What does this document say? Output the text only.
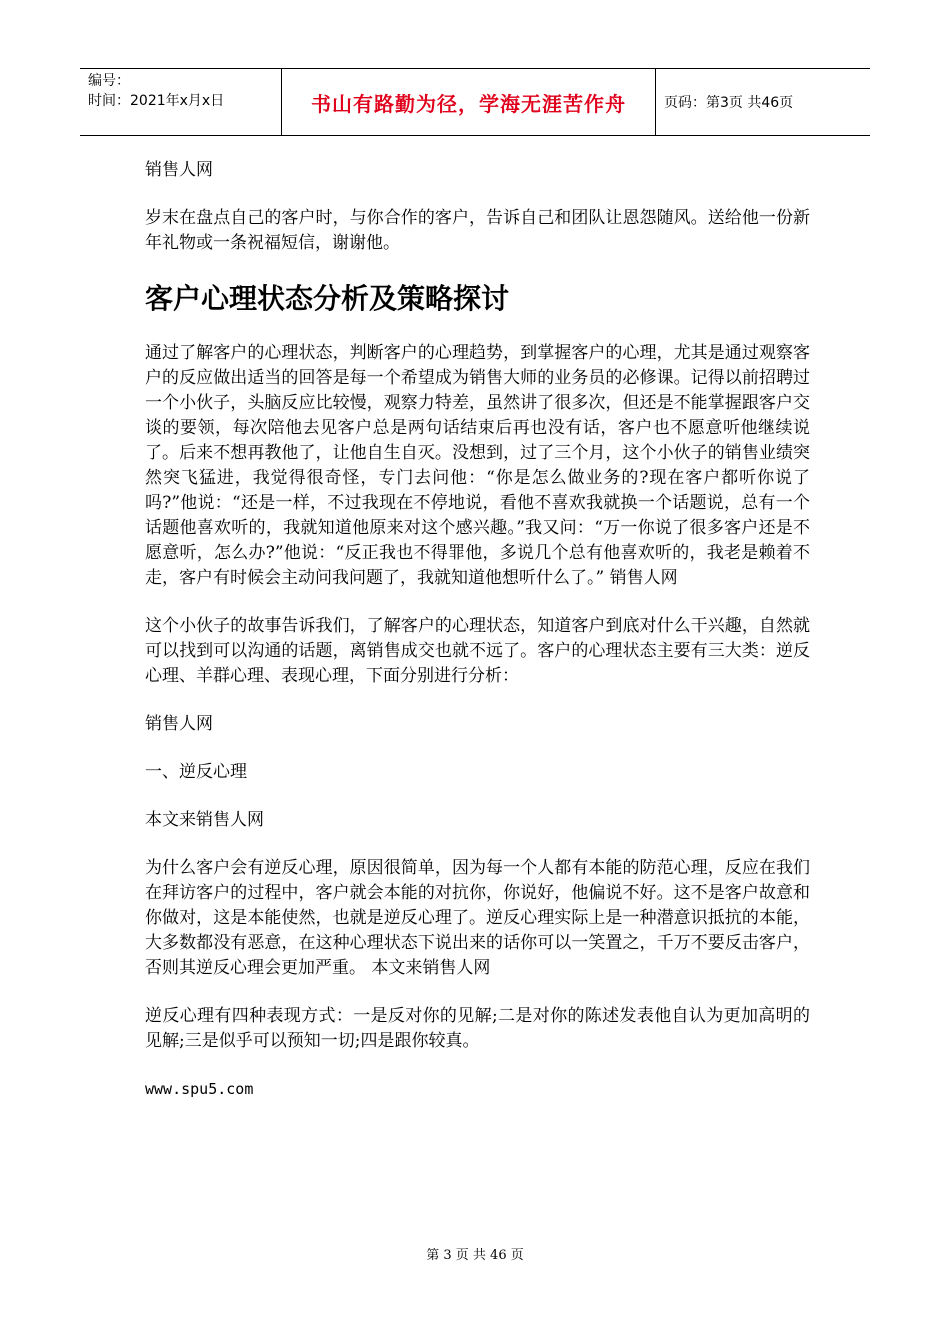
编号：
时间：2021年x月x日	书山有路勤为径，学海无涯苦作舟	页码：第3页 共46页

销售人网

岁末在盘点自己的客户时，与你合作的客户，告诉自己和团队让恩怨随风。送给他一份新年礼物或一条祝福短信，谢谢他。

客户心理状态分析及策略探讨

通过了解客户的心理状态，判断客户的心理趋势，到掌握客户的心理，尤其是通过观察客户的反应做出适当的回答是每一个希望成为销售大师的业务员的必修课。记得以前招聘过一个小伙子，头脑反应比较慢，观察力特差，虽然讲了很多次，但还是不能掌握跟客户交谈的要领，每次陪他去见客户总是两句话结束后再也没有话，客户也不愿意听他继续说了。后来不想再教他了，让他自生自灭。没想到，过了三个月，这个小伙子的销售业绩突然突飞猛进，我觉得很奇怪，专门去问他：“你是怎么做业务的?现在客户都听你说了吗?”他说：“还是一样，不过我现在不停地说，看他不喜欢我就换一个话题说，总有一个话题他喜欢听的，我就知道他原来对这个感兴趣。”我又问：“万一你说了很多客户还是不愿意听，怎么办?”他说：“反正我也不得罪他，多说几个总有他喜欢听的，我老是赖着不走，客户有时候会主动问我问题了，我就知道他想听什么了。” 销售人网

这个小伙子的故事告诉我们，了解客户的心理状态，知道客户到底对什么干兴趣，自然就可以找到可以沟通的话题，离销售成交也就不远了。客户的心理状态主要有三大类：逆反心理、羊群心理、表现心理，下面分别进行分析：

销售人网

一、逆反心理

本文来销售人网

为什么客户会有逆反心理，原因很简单，因为每一个人都有本能的防范心理，反应在我们在拜访客户的过程中，客户就会本能的对抗你，你说好，他偏说不好。这不是客户故意和你做对，这是本能使然，也就是逆反心理了。逆反心理实际上是一种潜意识抵抗的本能，大多数都没有恶意，在这种心理状态下说出来的话你可以一笑置之，千万不要反击客户，否则其逆反心理会更加严重。 本文来销售人网

逆反心理有四种表现方式：一是反对你的见解;二是对你的陈述发表他自认为更加高明的见解;三是似乎可以预知一切;四是跟你较真。

www.spu5.com

第 3 页 共 46 页
